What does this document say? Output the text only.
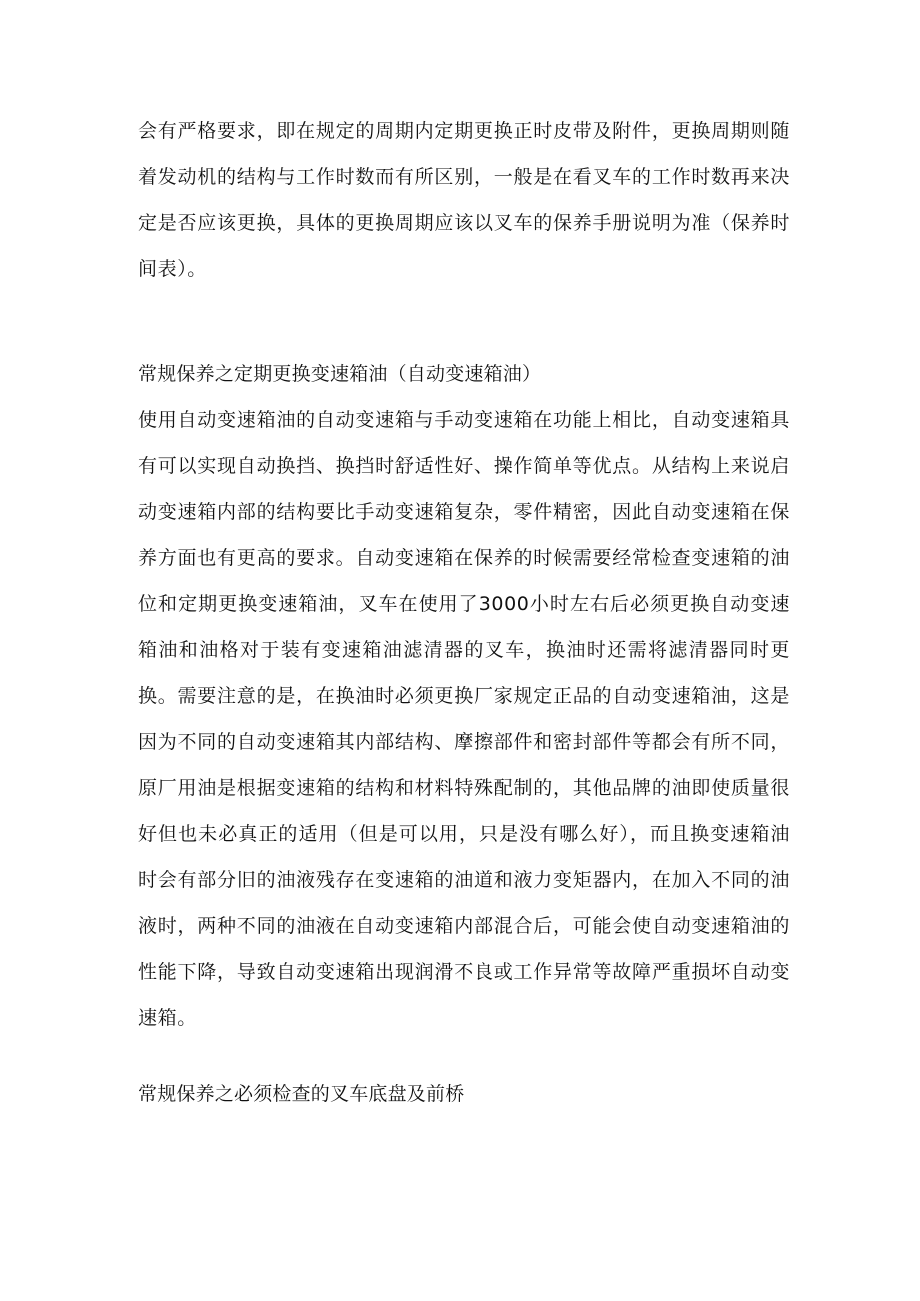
会有严格要求，即在规定的周期内定期更换正时皮带及附件，更换周期则随着发动机的结构与工作时数而有所区别，一般是在看叉车的工作时数再来决定是否应该更换，具体的更换周期应该以叉车的保养手册说明为准（保养时间表）。
常规保养之定期更换变速箱油（自动变速箱油）
使用自动变速箱油的自动变速箱与手动变速箱在功能上相比，自动变速箱具有可以实现自动换挡、换挡时舒适性好、操作简单等优点。从结构上来说启动变速箱内部的结构要比手动变速箱复杂，零件精密，因此自动变速箱在保养方面也有更高的要求。自动变速箱在保养的时候需要经常检查变速箱的油位和定期更换变速箱油，叉车在使用了3000小时左右后必须更换自动变速箱油和油格对于装有变速箱油滤清器的叉车，换油时还需将滤清器同时更换。需要注意的是，在换油时必须更换厂家规定正品的自动变速箱油，这是因为不同的自动变速箱其内部结构、摩擦部件和密封部件等都会有所不同，原厂用油是根据变速箱的结构和材料特殊配制的，其他品牌的油即使质量很好但也未必真正的适用（但是可以用，只是没有哪么好），而且换变速箱油时会有部分旧的油液残存在变速箱的油道和液力变矩器内，在加入不同的油液时，两种不同的油液在自动变速箱内部混合后，可能会使自动变速箱油的性能下降，导致自动变速箱出现润滑不良或工作异常等故障严重损坏自动变速箱。
常规保养之必须检查的叉车底盘及前桥
